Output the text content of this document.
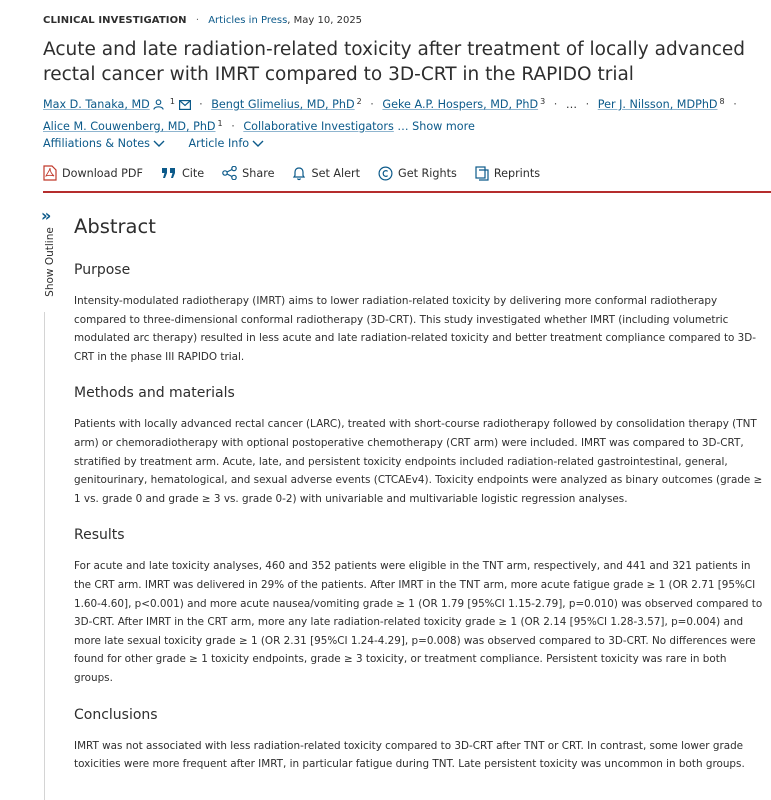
CLINICAL INVESTIGATION · Articles in Press, May 10, 2025
Acute and late radiation-related toxicity after treatment of locally advanced rectal cancer with IMRT compared to 3D-CRT in the RAPIDO trial
Max D. Tanaka, MD	$^1$ · Bengt Glimelius, MD, PhD $^2$ · Geke A.P. Hospers, MD, PhD $^3$ · … · Per J. Nilsson, MDPhD $^8$ ·
Alice M. Couwenberg, MD, PhD $^1$ · Collaborative Investigators … Show more
Affiliations & Notes	Article Info
Download PDF	Cite	Share	Set Alert	Get Rights	Reprints
»
Show Outline
Abstract
Purpose

Intensity-modulated radiotherapy (IMRT) aims to lower radiation-related toxicity by delivering more conformal radiotherapy compared to three-dimensional conformal radiotherapy (3D-CRT). This study investigated whether IMRT (including volumetric modulated arc therapy) resulted in less acute and late radiation-related toxicity and better treatment compliance compared to 3D-CRT in the phase III RAPIDO trial.

Methods and materials

Patients with locally advanced rectal cancer (LARC), treated with short-course radiotherapy followed by consolidation therapy (TNT arm) or chemoradiotherapy with optional postoperative chemotherapy (CRT arm) were included. IMRT was compared to 3D-CRT, stratified by treatment arm. Acute, late, and persistent toxicity endpoints included radiation-related gastrointestinal, general, genitourinary, hematological, and sexual adverse events (CTCAEv4). Toxicity endpoints were analyzed as binary outcomes (grade ≥ 1 vs. grade 0 and grade ≥ 3 vs. grade 0-2) with univariable and multivariable logistic regression analyses.

Results

For acute and late toxicity analyses, 460 and 352 patients were eligible in the TNT arm, respectively, and 441 and 321 patients in the CRT arm. IMRT was delivered in 29% of the patients. After IMRT in the TNT arm, more acute fatigue grade ≥ 1 (OR 2.71 [95%CI 1.60-4.60], p<0.001) and more acute nausea/vomiting grade ≥ 1 (OR 1.79 [95%CI 1.15-2.79], p=0.010) was observed compared to 3D-CRT. After IMRT in the CRT arm, more any late radiation-related toxicity grade ≥ 1 (OR 2.14 [95%CI 1.28-3.57], p=0.004) and more late sexual toxicity grade ≥ 1 (OR 2.31 [95%CI 1.24-4.29], p=0.008) was observed compared to 3D-CRT. No differences were found for other grade ≥ 1 toxicity endpoints, grade ≥ 3 toxicity, or treatment compliance. Persistent toxicity was rare in both groups.

Conclusions

IMRT was not associated with less radiation-related toxicity compared to 3D-CRT after TNT or CRT. In contrast, some lower grade toxicities were more frequent after IMRT, in particular fatigue during TNT. Late persistent toxicity was uncommon in both groups.
